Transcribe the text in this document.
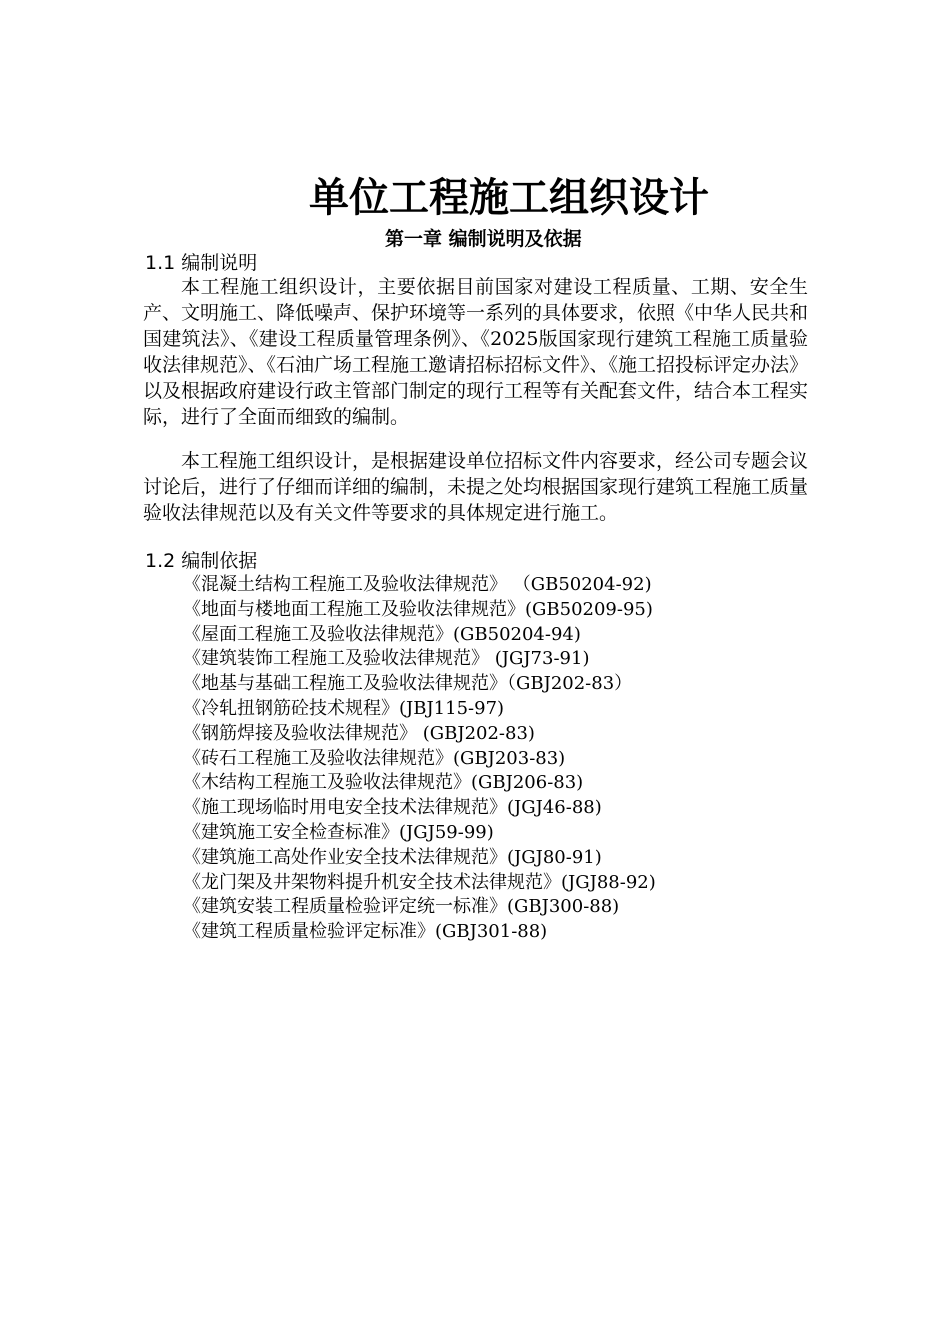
单位工程施工组织设计
第一章 编制说明及依据
1.1 编制说明

本工程施工组织设计，主要依据目前国家对建设工程质量、工期、安全生产、文明施工、降低噪声、保护环境等一系列的具体要求，依照《中华人民共和国建筑法》、《建设工程质量管理条例》、《2025版国家现行建筑工程施工质量验收法律规范》、《石油广场工程施工邀请招标招标文件》、《施工招投标评定办法》以及根据政府建设行政主管部门制定的现行工程等有关配套文件，结合本工程实际，进行了全面而细致的编制。

本工程施工组织设计，是根据建设单位招标文件内容要求，经公司专题会议讨论后，进行了仔细而详细的编制，未提之处均根据国家现行建筑工程施工质量验收法律规范以及有关文件等要求的具体规定进行施工。

1.2 编制依据
《混凝土结构工程施工及验收法律规范》 （GB50204-92)
《地面与楼地面工程施工及验收法律规范》(GB50209-95)
《屋面工程施工及验收法律规范》(GB50204-94)
《建筑装饰工程施工及验收法律规范》 (JGJ73-91)
《地基与基础工程施工及验收法律规范》（GBJ202-83）
《冷轧扭钢筋砼技术规程》(JBJ115-97)
《钢筋焊接及验收法律规范》 (GBJ202-83)
《砖石工程施工及验收法律规范》(GBJ203-83)
《木结构工程施工及验收法律规范》(GBJ206-83)
《施工现场临时用电安全技术法律规范》(JGJ46-88)
《建筑施工安全检查标准》(JGJ59-99)
《建筑施工高处作业安全技术法律规范》(JGJ80-91)
《龙门架及井架物料提升机安全技术法律规范》(JGJ88-92)
《建筑安装工程质量检验评定统一标准》(GBJ300-88)
《建筑工程质量检验评定标准》(GBJ301-88)
